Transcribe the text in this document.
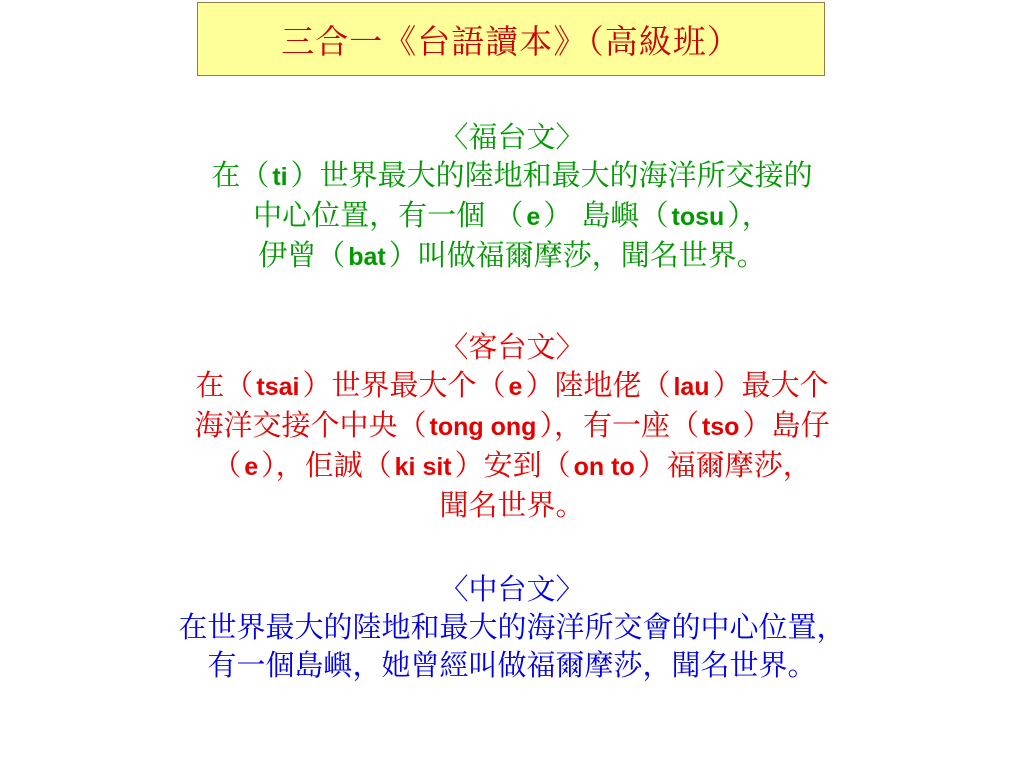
三合一《台語讀本》（高級班）
〈福台文〉
在（ ti ）世界最大的陸地和最大的海洋所交接的
中心位置，有一個 （ e ） 島嶼（ tosu ），
伊曾（ bat ）叫做福爾摩莎，聞名世界。
〈客台文〉
在（ tsai ）世界最大个（ e ）陸地佬（ lau ）最大个
海洋交接个中央（ tong ong ），有一座（ tso ）島仔
（ e ），佢誠（ ki sit ）安到（ on to ）福爾摩莎，
聞名世界。
〈中台文〉
在世界最大的陸地和最大的海洋所交會的中心位置，
有一個島嶼，她曾經叫做福爾摩莎，聞名世界。
